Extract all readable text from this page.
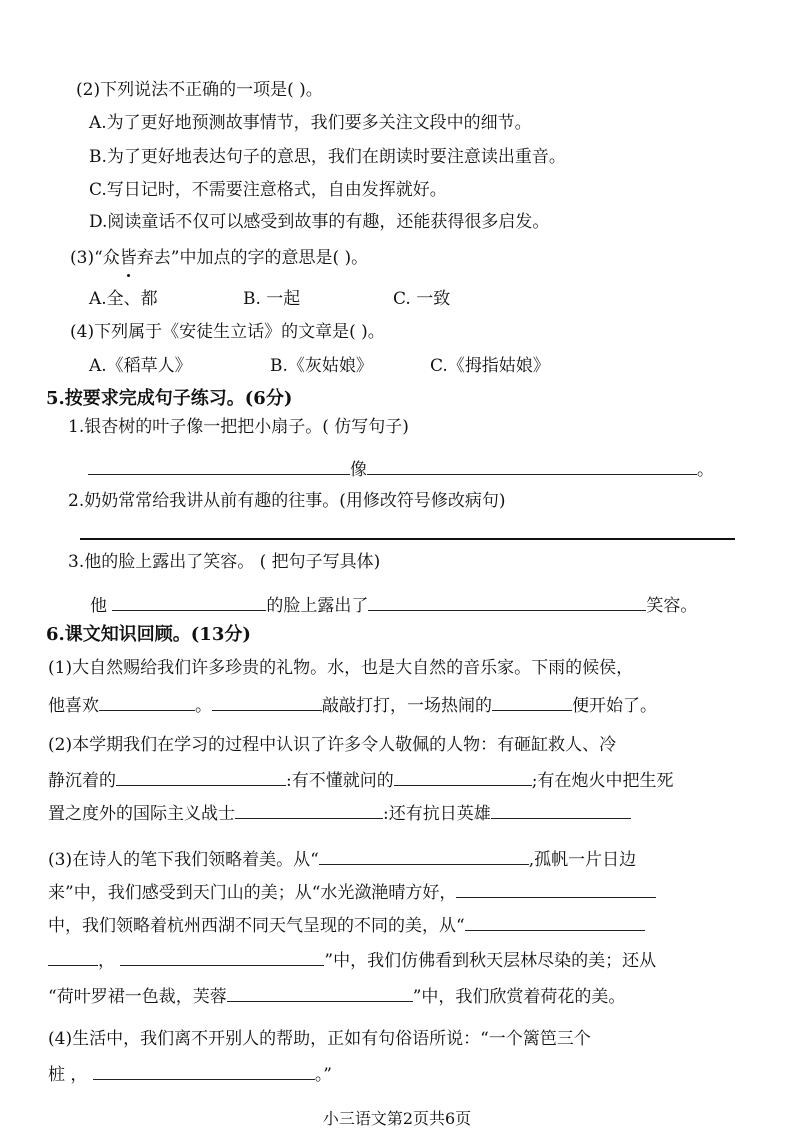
(2)下列说法不正确的一项是( )。
A.为了更好地预测故事情节，我们要多关注文段中的细节。
B.为了更好地表达句子的意思，我们在朗读时要注意读出重音。
C.写日记时，不需要注意格式，自由发挥就好。
D.阅读童话不仅可以感受到故事的有趣，还能获得很多启发。
(3)“众皆弃去”中加点的字的意思是( )。
A.全、都	B. 一起	C. 一致
(4)下列属于《安徒生立话》的文章是( )。
A.《稻草人》	B.《灰姑娘》	C.《拇指姑娘》
5.按要求完成句子练习。(6分)
1.银杏树的叶子像一把把小扇子。( 仿写句子)
像	。
2.奶奶常常给我讲从前有趣的往事。(用修改符号修改病句)
3.他的脸上露出了笑容。 ( 把句子写具体)
他	的脸上露出了	笑容。
6.课文知识回顾。(13分)
(1)大自然赐给我们许多珍贵的礼物。水，也是大自然的音乐家。下雨的候侯，
他喜欢	。	敲敲打打，一场热闹的	便开始了。
(2)本学期我们在学习的过程中认识了许多令人敬佩的人物：有砸缸救人、冷
静沉着的	:有不懂就问的	;有在炮火中把生死
置之度外的国际主义战士	:还有抗日英雄
(3)在诗人的笔下我们领略着美。从“	,孤帆一片日边
来”中，我们感受到天门山的美；从“水光潋滟晴方好，
中，我们领略着杭州西湖不同天气呈现的不同的美，从“
，	”中，我们仿佛看到秋天层林尽染的美；还从
“荷叶罗裙一色裁，芙蓉	”中，我们欣赏着荷花的美。
(4)生活中，我们离不开别人的帮助，正如有句俗语所说：“一个篱笆三个
桩 ，	。”
小三语文第2页共6页
